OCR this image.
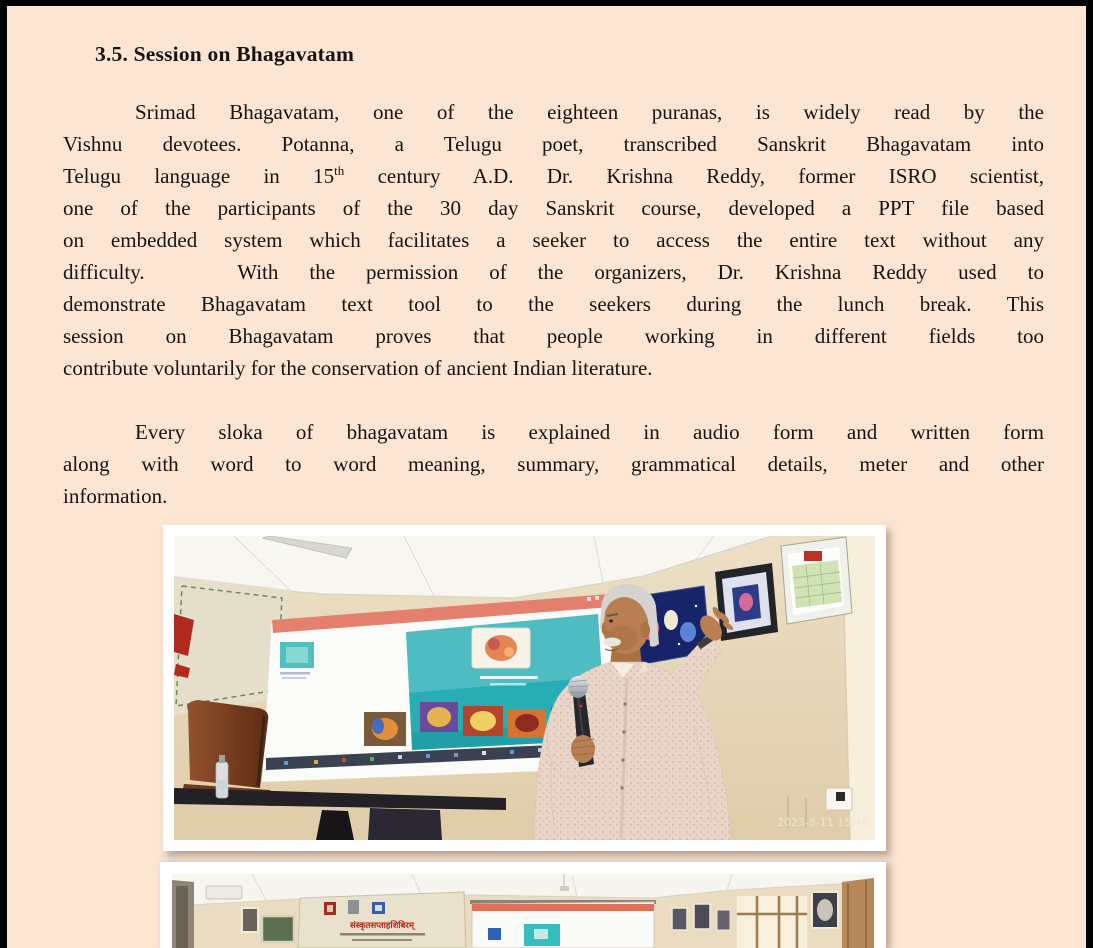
3.5. Session on Bhagavatam
Srimad Bhagavatam, one of the eighteen puranas, is widely read by the
Vishnu devotees. Potanna, a Telugu poet, transcribed Sanskrit Bhagavatam into
Telugu language in 15th century A.D. Dr. Krishna Reddy, former ISRO scientist,
one of the participants of the 30 day Sanskrit course, developed a PPT file based
on embedded system which facilitates a seeker to access the entire text without any
difficulty.   With the permission of the organizers, Dr. Krishna Reddy used to
demonstrate Bhagavatam text tool to the seekers during the lunch break. This
session on Bhagavatam proves that people working in different fields too
contribute voluntarily for the conservation of ancient Indian literature.
Every sloka of bhagavatam is explained in audio form and written form
along with word to word meaning, summary, grammatical details, meter and other
information.
2023-8-11 15:46
संस्कृतसप्ताहशिबिरम्
